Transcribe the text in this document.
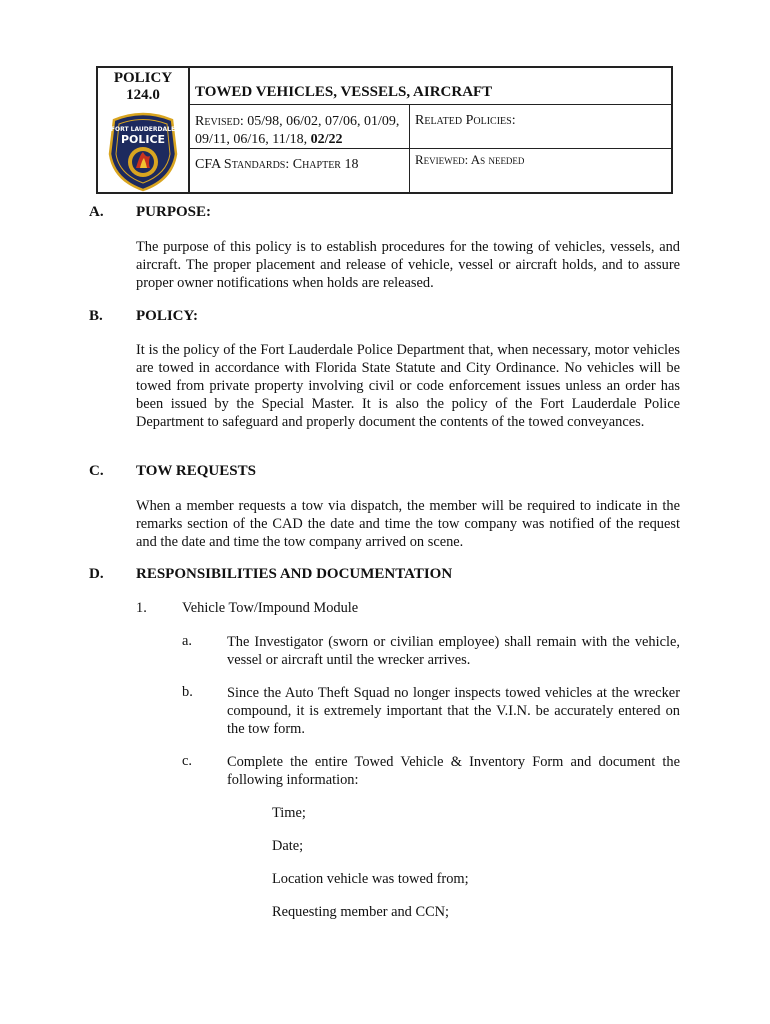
POLICY
124.0
FORT LAUDERDALE
POLICE
TOWED VEHICLES, VESSELS, AIRCRAFT
Revised: 05/98, 06/02, 07/06, 01/09, 09/11, 06/16, 11/18, 02/22
Related Policies:
CFA Standards: Chapter 18	Reviewed: As needed
A. PURPOSE:
The purpose of this policy is to establish procedures for the towing of vehicles, vessels, and aircraft. The proper placement and release of vehicle, vessel or aircraft holds, and to assure proper owner notifications when holds are released.
B. POLICY:
It is the policy of the Fort Lauderdale Police Department that, when necessary, motor vehicles are towed in accordance with Florida State Statute and City Ordinance. No vehicles will be towed from private property involving civil or code enforcement issues unless an order has been issued by the Special Master. It is also the policy of the Fort Lauderdale Police Department to safeguard and properly document the contents of the towed conveyances.
C. TOW REQUESTS
When a member requests a tow via dispatch, the member will be required to indicate in the remarks section of the CAD the date and time the tow company was notified of the request and the date and time the tow company arrived on scene.
D. RESPONSIBILITIES AND DOCUMENTATION
1. Vehicle Tow/Impound Module
a. The Investigator (sworn or civilian employee) shall remain with the vehicle, vessel or aircraft until the wrecker arrives.
b. Since the Auto Theft Squad no longer inspects towed vehicles at the wrecker compound, it is extremely important that the V.I.N. be accurately entered on the tow form.
c. Complete the entire Towed Vehicle & Inventory Form and document the following information:
Time;
Date;
Location vehicle was towed from;
Requesting member and CCN;
